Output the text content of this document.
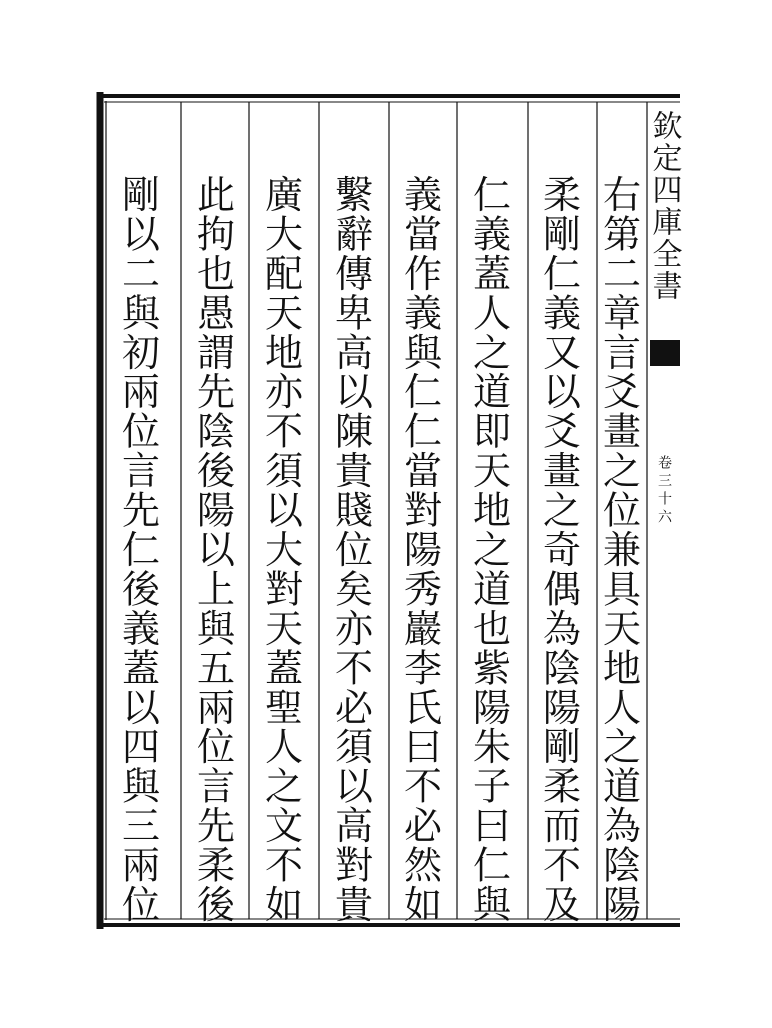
欽定四庫全書
卷三十六
右
第
二
章
言
爻
畫
之
位
兼
具
天
地
人
之
道
為
陰
陽
柔
剛
仁
義
又
以
爻
畫
之
奇
偶
為
陰
陽
剛
柔
而
不
及
仁
義
蓋
人
之
道
即
天
地
之
道
也
紫
陽
朱
子
曰
仁
與
義
當
作
義
與
仁
仁
當
對
陽
秀
巖
李
氏
曰
不
必
然
如
繫
辭
傳
卑
高
以
陳
貴
賤
位
矣
亦
不
必
須
以
高
對
貴
廣
大
配
天
地
亦
不
須
以
大
對
天
蓋
聖
人
之
文
不
如
此
拘
也
愚
謂
先
陰
後
陽
以
上
與
五
兩
位
言
先
柔
後
剛
以
二
與
初
兩
位
言
先
仁
後
義
蓋
以
四
與
三
兩
位
